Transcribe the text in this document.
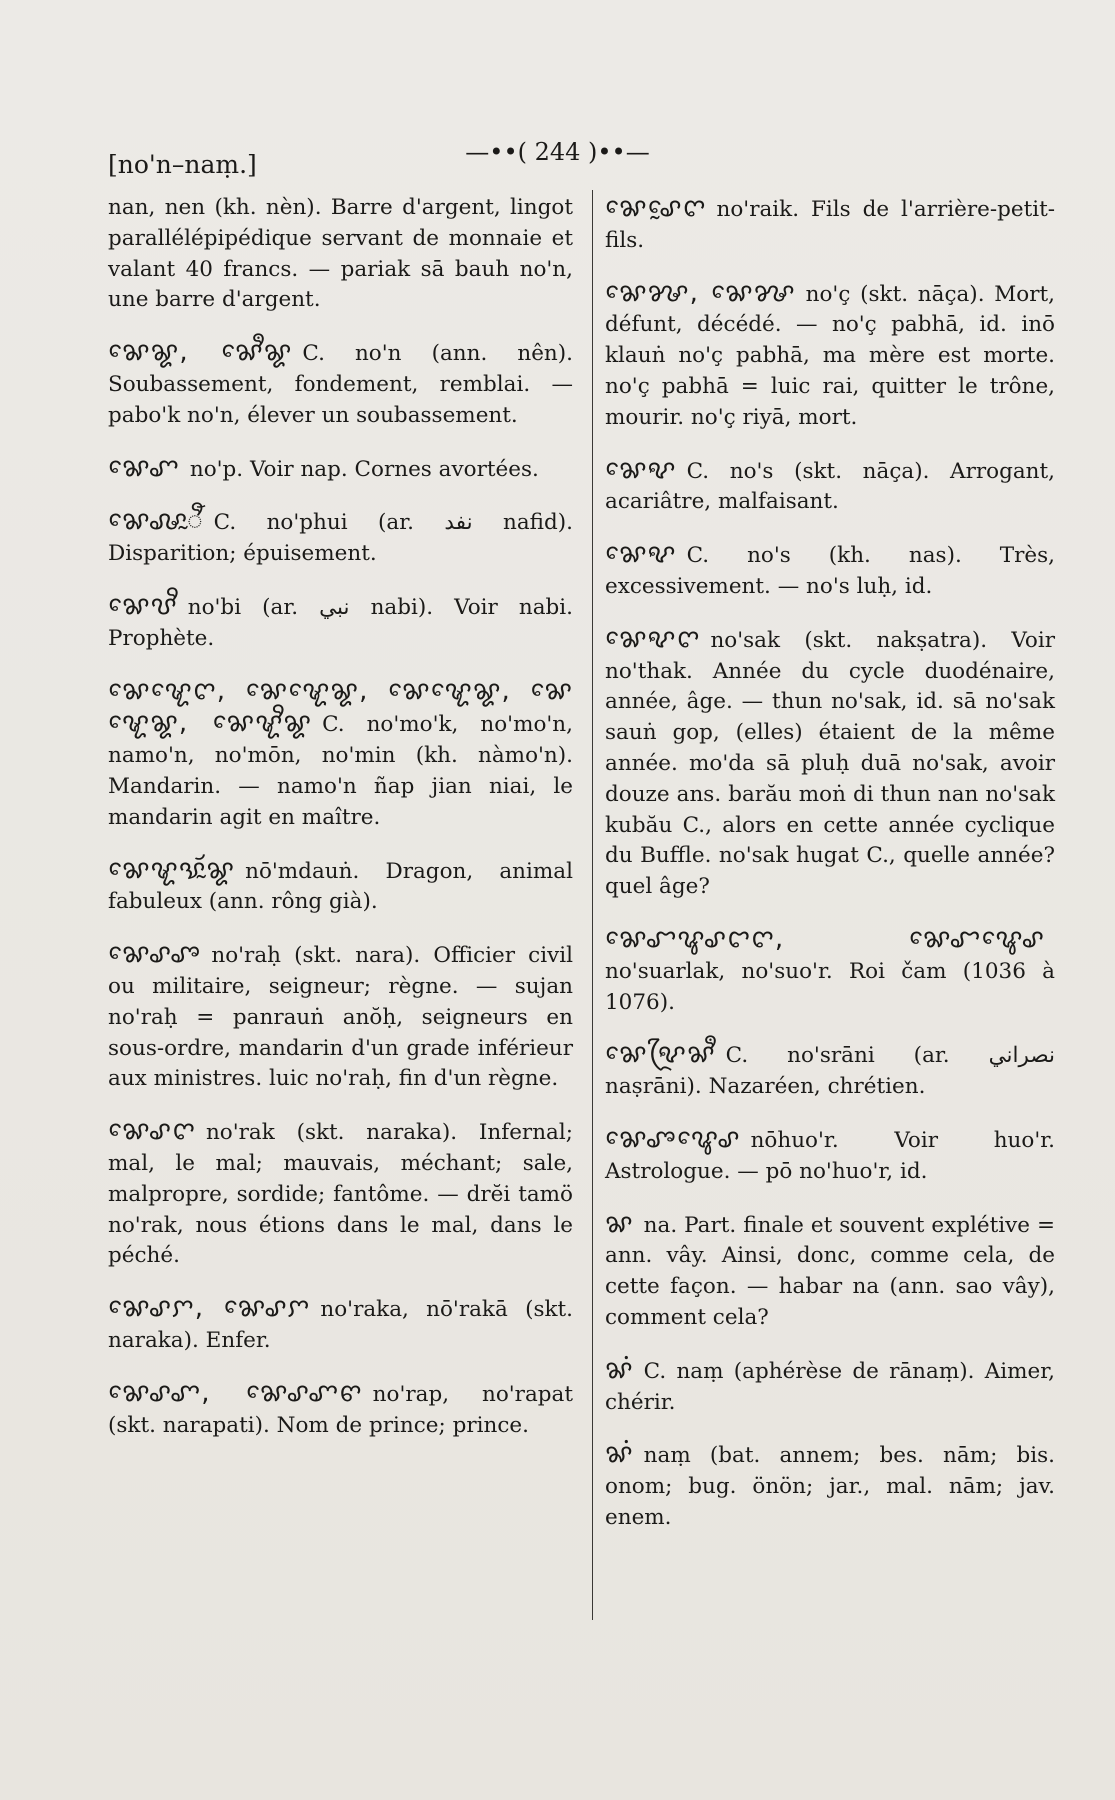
[no'n–naṃ.]	—••( 244 )••—
nan, nen (kh. nèn). Barre d'argent, lingot parallélépipédique servant de monnaie et valant 40 francs. — pariak sā bauh no'n, une barre d'argent.
ꨗꨯꨘ, ꨗꨯꨫꨘ C. no'n (ann. nên). Soubassement, fondement, remblai. — pabo'k no'n, élever un soubassement.
ꨗꨯꨚ no'p. Voir nap. Cornes avortées.
ꨗꨯꨜꨭꨬ C. no'phui (ar. نفد nafid). Disparition; épuisement.
ꨗꨯꨝꨪ no'bi (ar. نبي nabi). Voir nabi. Prophète.
ꨗꨯꨠꨯꨈ, ꨗꨯꨠꨯꨘ, ꨗꨯꨠꨯꨘ, ꨗꨯꨠꨯꨘ, ꨗꨯꨠꨪꨘ C. no'mo'k, no'mo'n, namo'n, no'mōn, no'min (kh. nàmo'n). Mandarin. — namo'n ñap jian niai, le mandarin agit en maître.
ꨗꨯꨠꨕꨮꨭꨘ nō'mdauṅ. Dragon, animal fabuleux (ann. rông già).
ꨗꨯꨣꨨ no'raḥ (skt. nara). Officier civil ou militaire, seigneur; règne. — sujan no'raḥ = panrauṅ anŏḥ, seigneurs en sous-ordre, mandarin d'un grade inférieur aux ministres. luic no'raḥ, fin d'un règne.
ꨗꨯꨣꨈ no'rak (skt. naraka). Infernal; mal, le mal; mauvais, méchant; sale, malpropre, sordide; fantôme. — drĕi tamö no'rak, nous étions dans le mal, dans le péché.
ꨗꨯꨣꨆ, ꨗꨯꨣꨆ no'raka, nō'rakā (skt. naraka). Enfer.
ꨗꨯꨣꨚ, ꨗꨯꨣꨚꨓ no'rap, no'rapat (skt. narapati). Nom de prince; prince.
ꨗꨯꨣꨰꨈ no'raik. Fils de l'arrière-petit-fils.
ꨗꨯꨍ, ꨗꨯꨍ no'ç (skt. nāça). Mort, défunt, décédé. — no'ç pabhā, id. inō klauṅ no'ç pabhā, ma mère est morte. no'ç pabhā = luic rai, quitter le trône, mourir. no'ç riyā, mort.
ꨗꨯꨦ C. no's (skt. nāça). Arrogant, acariâtre, malfaisant.
ꨗꨯꨦ C. no's (kh. nas). Très, excessivement. — no's luḥ, id.
ꨗꨯꨦꨈ no'sak (skt. nakṣatra). Voir no'thak. Année du cycle duodénaire, année, âge. — thun no'sak, id. sā no'sak sauṅ gop, (elles) étaient de la même année. mo'da sā pluḥ duā no'sak, avoir douze ans. barău moṅ di thun nan no'sak kubău C., alors en cette année cyclique du Buffle. no'sak hugat C., quelle année? quel âge?
ꨗꨯꨧꨥꨣꨤꨈ, ꨗꨯꨧꨥꨯꨣno'suarlak, no'suo'r. Roi čam (1036 à 1076).
ꨗꨯꨦꨴꨗꨫ C. no'srāni (ar. نصراني naṣrāni). Nazaréen, chrétien.
ꨗꨯꨨꨥꨯꨣ nōhuo'r. Voir huo'r. Astrologue. — pō no'huo'r, id.
ꨗ na. Part. finale et souvent explétive = ann. vây. Ainsi, donc, comme cela, de cette façon. — habar na (ann. sao vây), comment cela?
ꨗꩌ C. naṃ (aphérèse de rānaṃ). Aimer, chérir.
ꨗꩌ naṃ (bat. annem; bes. nām; bis. onom; bug. önön; jar., mal. nām; jav. enem.
